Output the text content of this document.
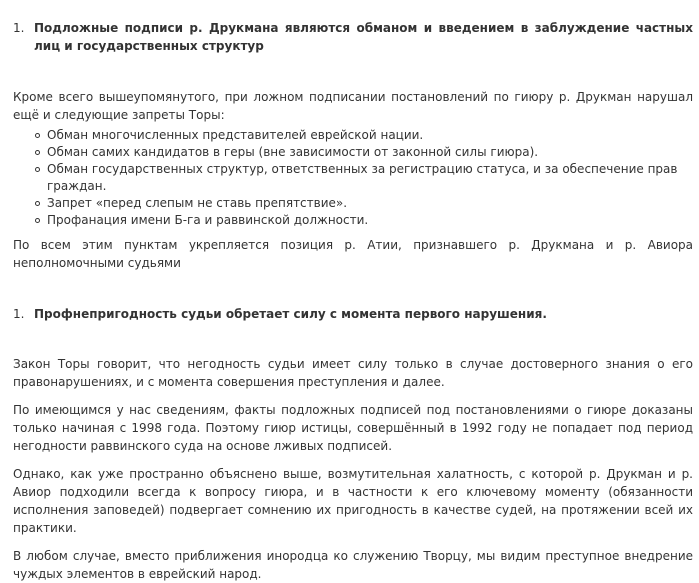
1. Подложные подписи р. Друкмана являются обманом и введением в заблуждение частных лиц и государственных структур

Кроме всего вышеупомянутого, при ложном подписании постановлений по гиюру р. Друкман нарушал ещё и следующие запреты Торы:

Обман многочисленных представителей еврейской нации.
Обман самих кандидатов в геры (вне зависимости от законной силы гиюра).
Обман государственных структур, ответственных за регистрацию статуса, и за обеспечение прав граждан.
Запрет «перед слепым не ставь препятствие».
Профанация имени Б-га и раввинской должности.

По всем этим пунктам укрепляется позиция р. Атии, признавшего р. Друкмана и р. Авиора неполномочными судьями

1. Профнепригодность судьи обретает силу с момента первого нарушения.

Закон Торы говорит, что негодность судьи имеет силу только в случае достоверного знания о его правонарушениях, и с момента совершения преступления и далее.

По имеющимся у нас сведениям, факты подложных подписей под постановлениями о гиюре доказаны только начиная с 1998 года. Поэтому гиюр истицы, совершённый в 1992 году не попадает под период негодности раввинского суда на основе лживых подписей.

Однако, как уже пространно объяснено выше, возмутительная халатность, с которой р. Друкман и р. Авиор подходили всегда к вопросу гиюра, и в частности к его ключевому моменту (обязанности исполнения заповедей) подвергает сомнению их пригодность в качестве судей, на протяжении всей их практики.

В любом случае, вместо приближения инородца ко служению Творцу, мы видим преступное внедрение чуждых элементов в еврейский народ.
